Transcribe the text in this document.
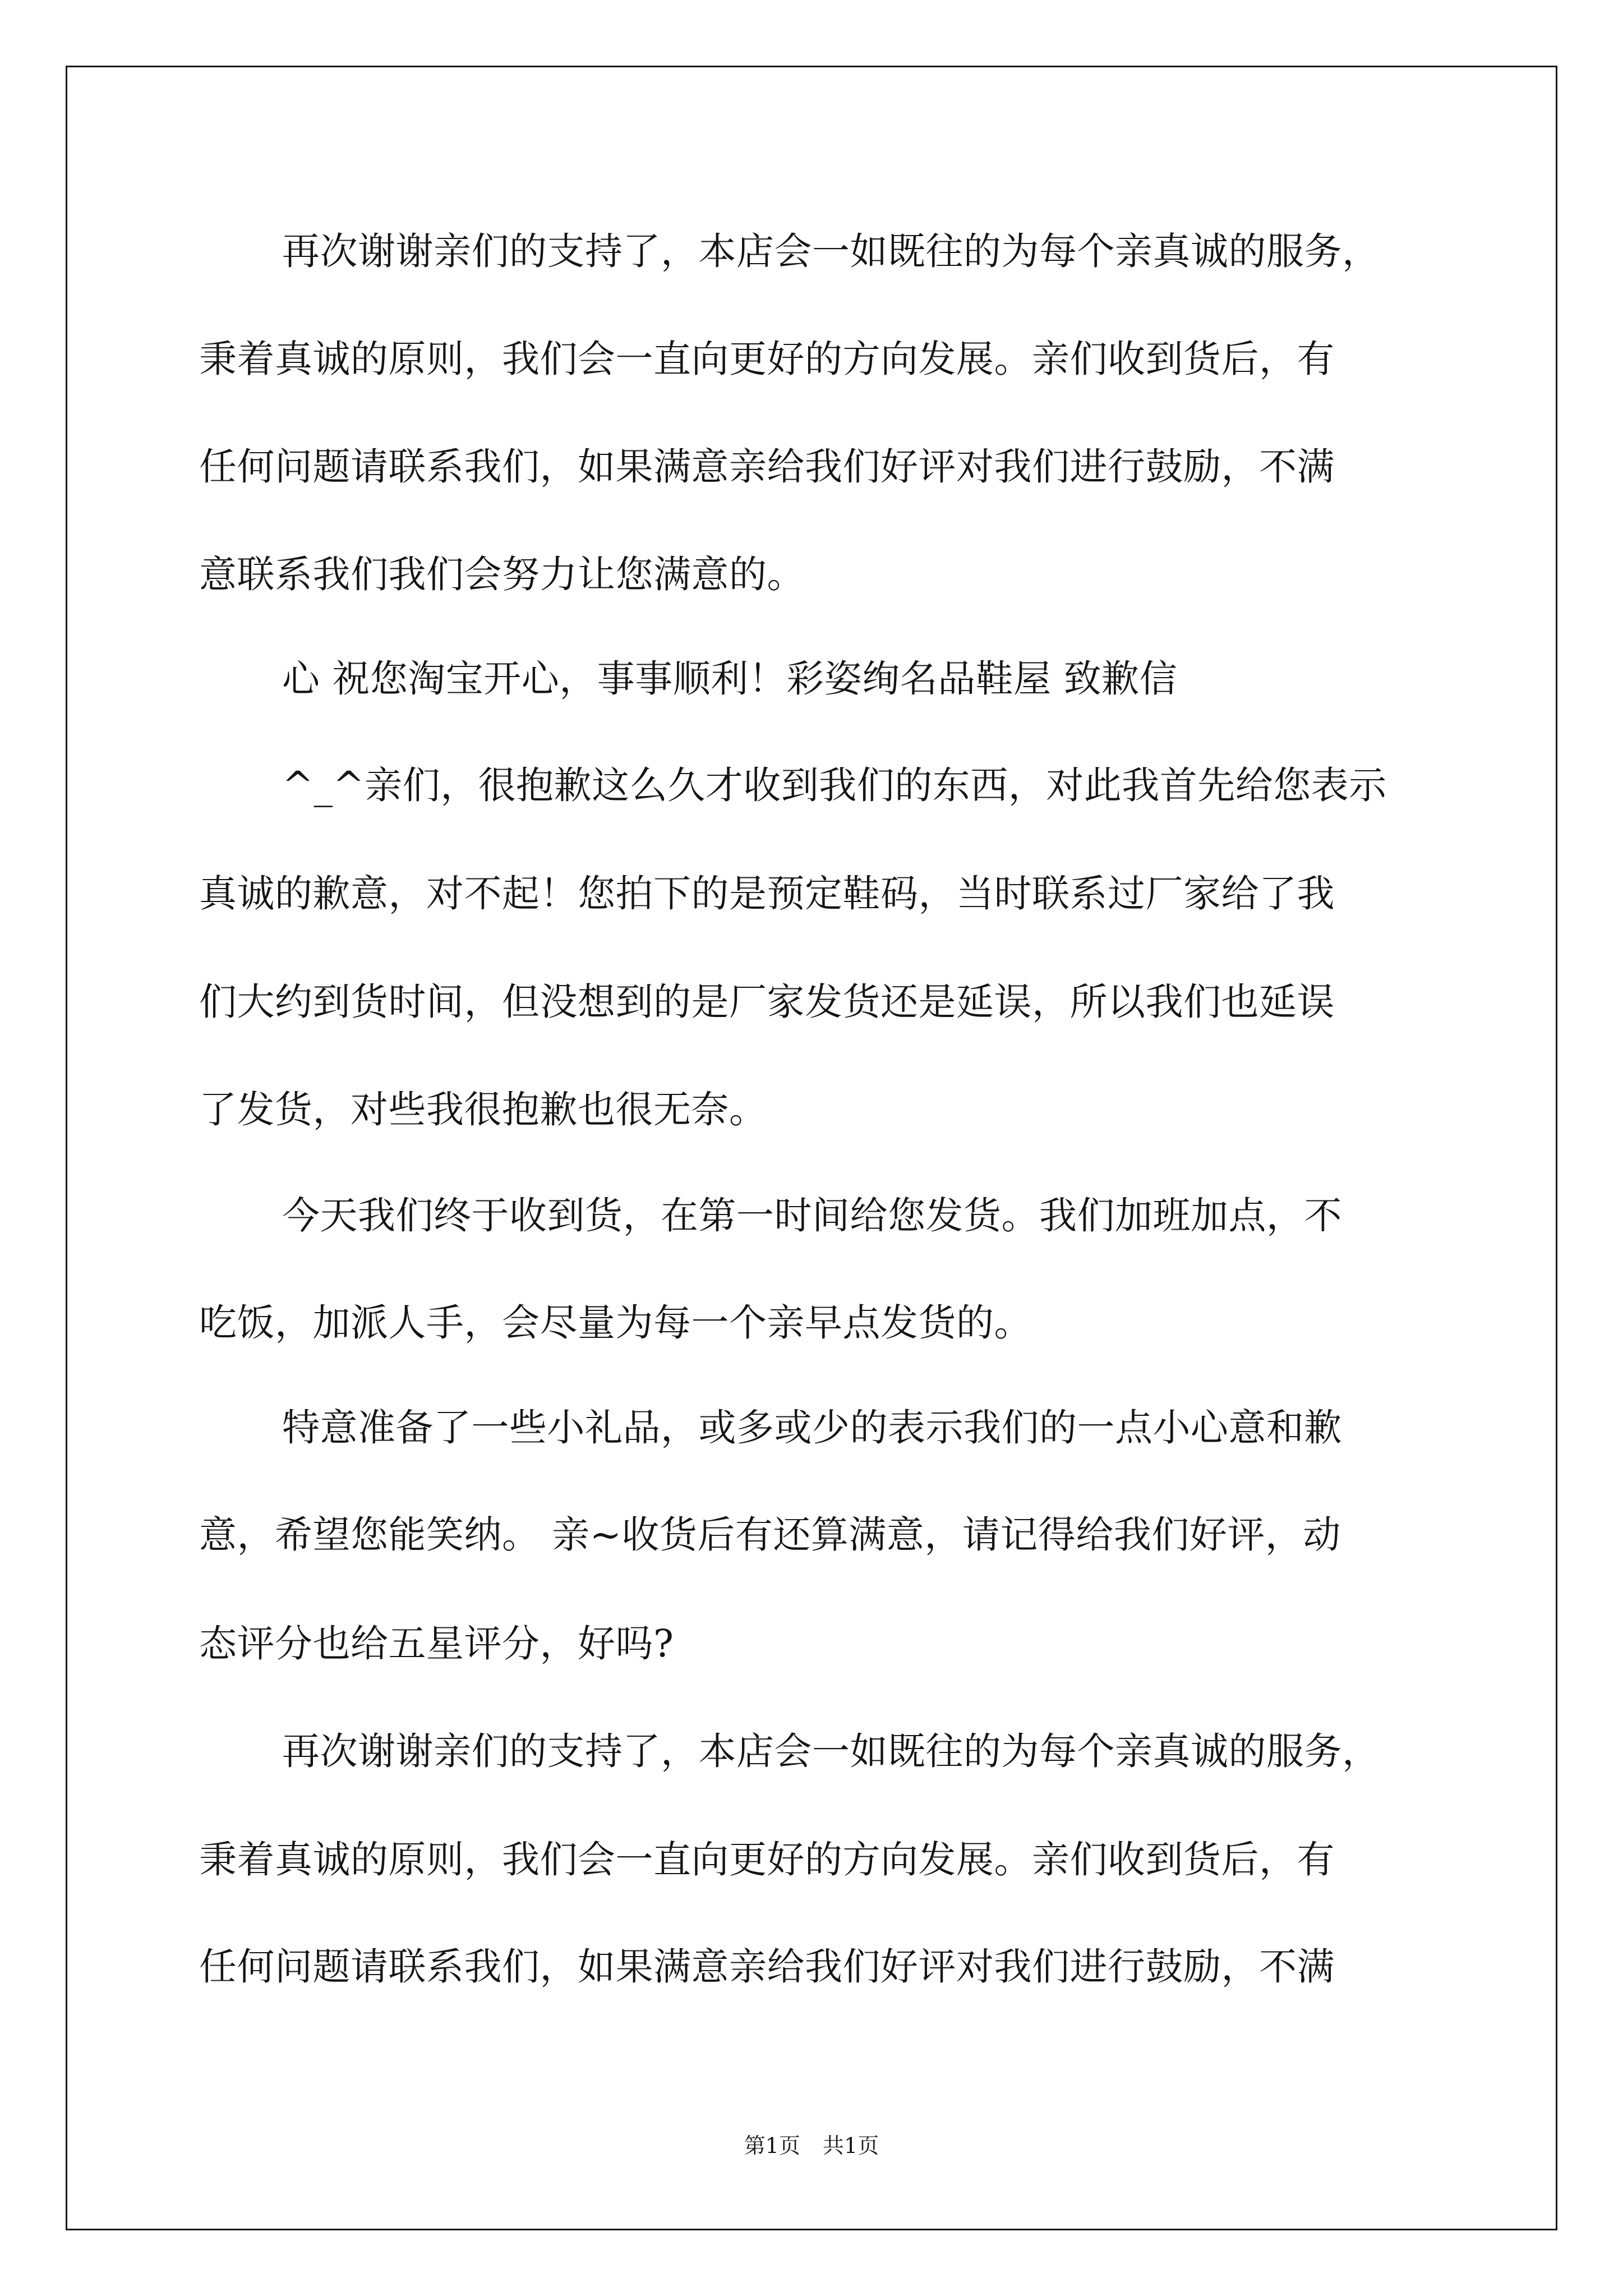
再次谢谢亲们的支持了，本店会一如既往的为每个亲真诚的服务，
秉着真诚的原则，我们会一直向更好的方向发展。亲们收到货后，有
任何问题请联系我们，如果满意亲给我们好评对我们进行鼓励，不满
意联系我们我们会努力让您满意的。
心 祝您淘宝开心，事事顺利！彩姿绚名品鞋屋 致歉信
^_^亲们，很抱歉这么久才收到我们的东西，对此我首先给您表示
真诚的歉意，对不起！您拍下的是预定鞋码，当时联系过厂家给了我
们大约到货时间，但没想到的是厂家发货还是延误，所以我们也延误
了发货，对些我很抱歉也很无奈。
今天我们终于收到货，在第一时间给您发货。我们加班加点，不
吃饭，加派人手，会尽量为每一个亲早点发货的。
特意准备了一些小礼品，或多或少的表示我们的一点小心意和歉
意，希望您能笑纳。 亲~收货后有还算满意，请记得给我们好评，动
态评分也给五星评分，好吗?
再次谢谢亲们的支持了，本店会一如既往的为每个亲真诚的服务，
秉着真诚的原则，我们会一直向更好的方向发展。亲们收到货后，有
任何问题请联系我们，如果满意亲给我们好评对我们进行鼓励，不满
第1页 共1页
